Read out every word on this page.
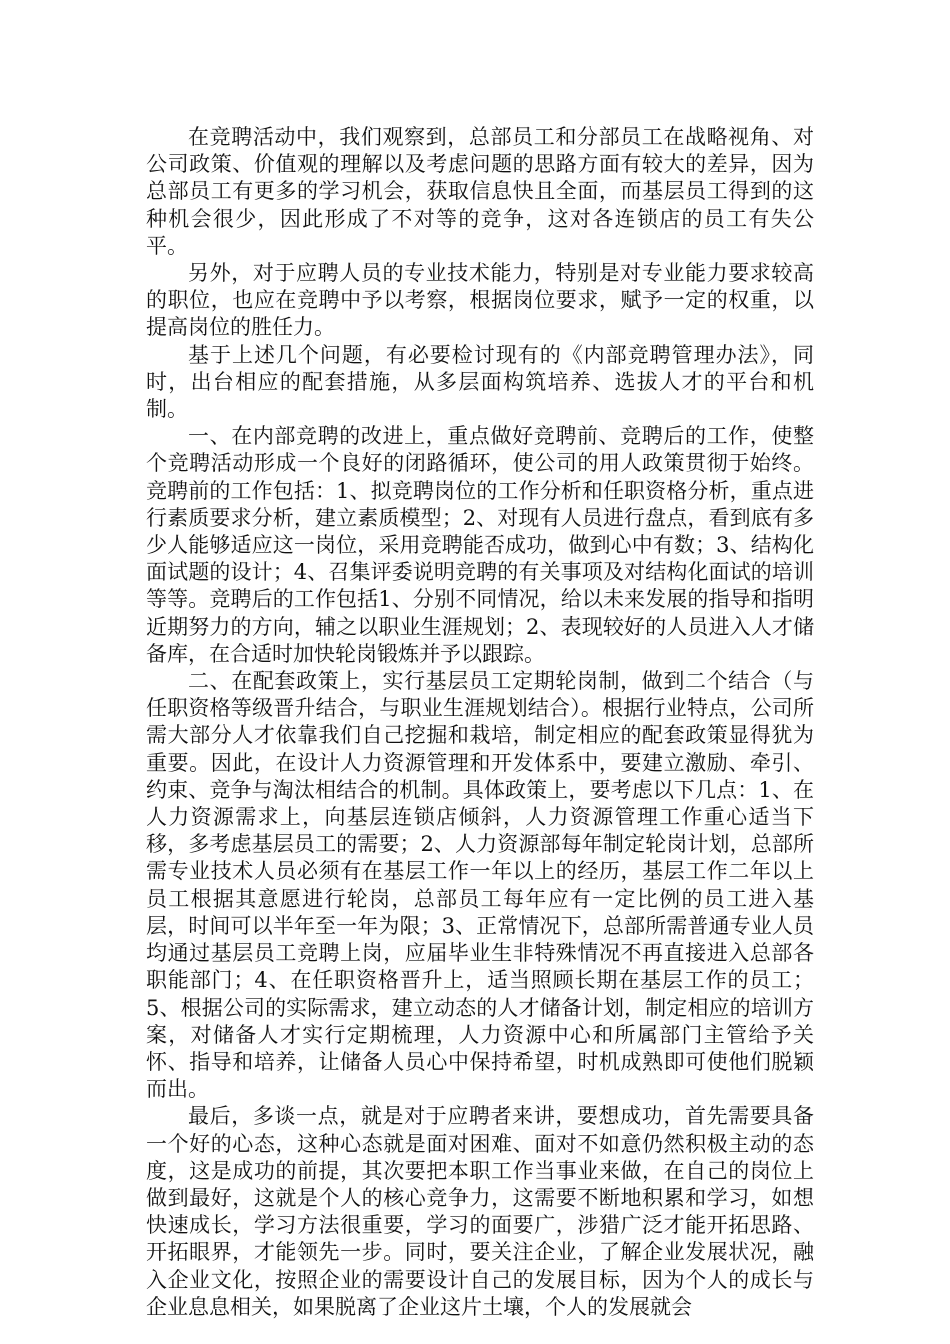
在竞聘活动中，我们观察到，总部员工和分部员工在战略视角、对公司政策、价值观的理解以及考虑问题的思路方面有较大的差异，因为总部员工有更多的学习机会，获取信息快且全面，而基层员工得到的这种机会很少，因此形成了不对等的竞争，这对各连锁店的员工有失公平。

另外，对于应聘人员的专业技术能力，特别是对专业能力要求较高的职位，也应在竞聘中予以考察，根据岗位要求，赋予一定的权重，以提高岗位的胜任力。

基于上述几个问题，有必要检讨现有的《内部竞聘管理办法》，同时，出台相应的配套措施，从多层面构筑培养、选拔人才的平台和机制。

一、在内部竞聘的改进上，重点做好竞聘前、竞聘后的工作，使整个竞聘活动形成一个良好的闭路循环，使公司的用人政策贯彻于始终。竞聘前的工作包括：1、拟竞聘岗位的工作分析和任职资格分析，重点进行素质要求分析，建立素质模型；2、对现有人员进行盘点，看到底有多少人能够适应这一岗位，采用竞聘能否成功，做到心中有数；3、结构化面试题的设计；4、召集评委说明竞聘的有关事项及对结构化面试的培训等等。竞聘后的工作包括1、分别不同情况，给以未来发展的指导和指明近期努力的方向，辅之以职业生涯规划；2、表现较好的人员进入人才储备库，在合适时加快轮岗锻炼并予以跟踪。

二、在配套政策上，实行基层员工定期轮岗制，做到二个结合（与任职资格等级晋升结合，与职业生涯规划结合）。根据行业特点，公司所需大部分人才依靠我们自己挖掘和栽培，制定相应的配套政策显得犹为重要。因此，在设计人力资源管理和开发体系中，要建立激励、牵引、约束、竞争与淘汰相结合的机制。具体政策上，要考虑以下几点：1、在人力资源需求上，向基层连锁店倾斜，人力资源管理工作重心适当下移，多考虑基层员工的需要；2、人力资源部每年制定轮岗计划，总部所需专业技术人员必须有在基层工作一年以上的经历，基层工作二年以上员工根据其意愿进行轮岗，总部员工每年应有一定比例的员工进入基层，时间可以半年至一年为限；3、正常情况下，总部所需普通专业人员均通过基层员工竞聘上岗，应届毕业生非特殊情况不再直接进入总部各职能部门；4、在任职资格晋升上，适当照顾长期在基层工作的员工；5、根据公司的实际需求，建立动态的人才储备计划，制定相应的培训方案，对储备人才实行定期梳理，人力资源中心和所属部门主管给予关怀、指导和培养，让储备人员心中保持希望，时机成熟即可使他们脱颖而出。

最后，多谈一点，就是对于应聘者来讲，要想成功，首先需要具备一个好的心态，这种心态就是面对困难、面对不如意仍然积极主动的态度，这是成功的前提，其次要把本职工作当事业来做，在自己的岗位上做到最好，这就是个人的核心竞争力，这需要不断地积累和学习，如想快速成长，学习方法很重要，学习的面要广，涉猎广泛才能开拓思路、开拓眼界，才能领先一步。同时，要关注企业，了解企业发展状况，融入企业文化，按照企业的需要设计自己的发展目标，因为个人的成长与企业息息相关，如果脱离了企业这片土壤，个人的发展就会
